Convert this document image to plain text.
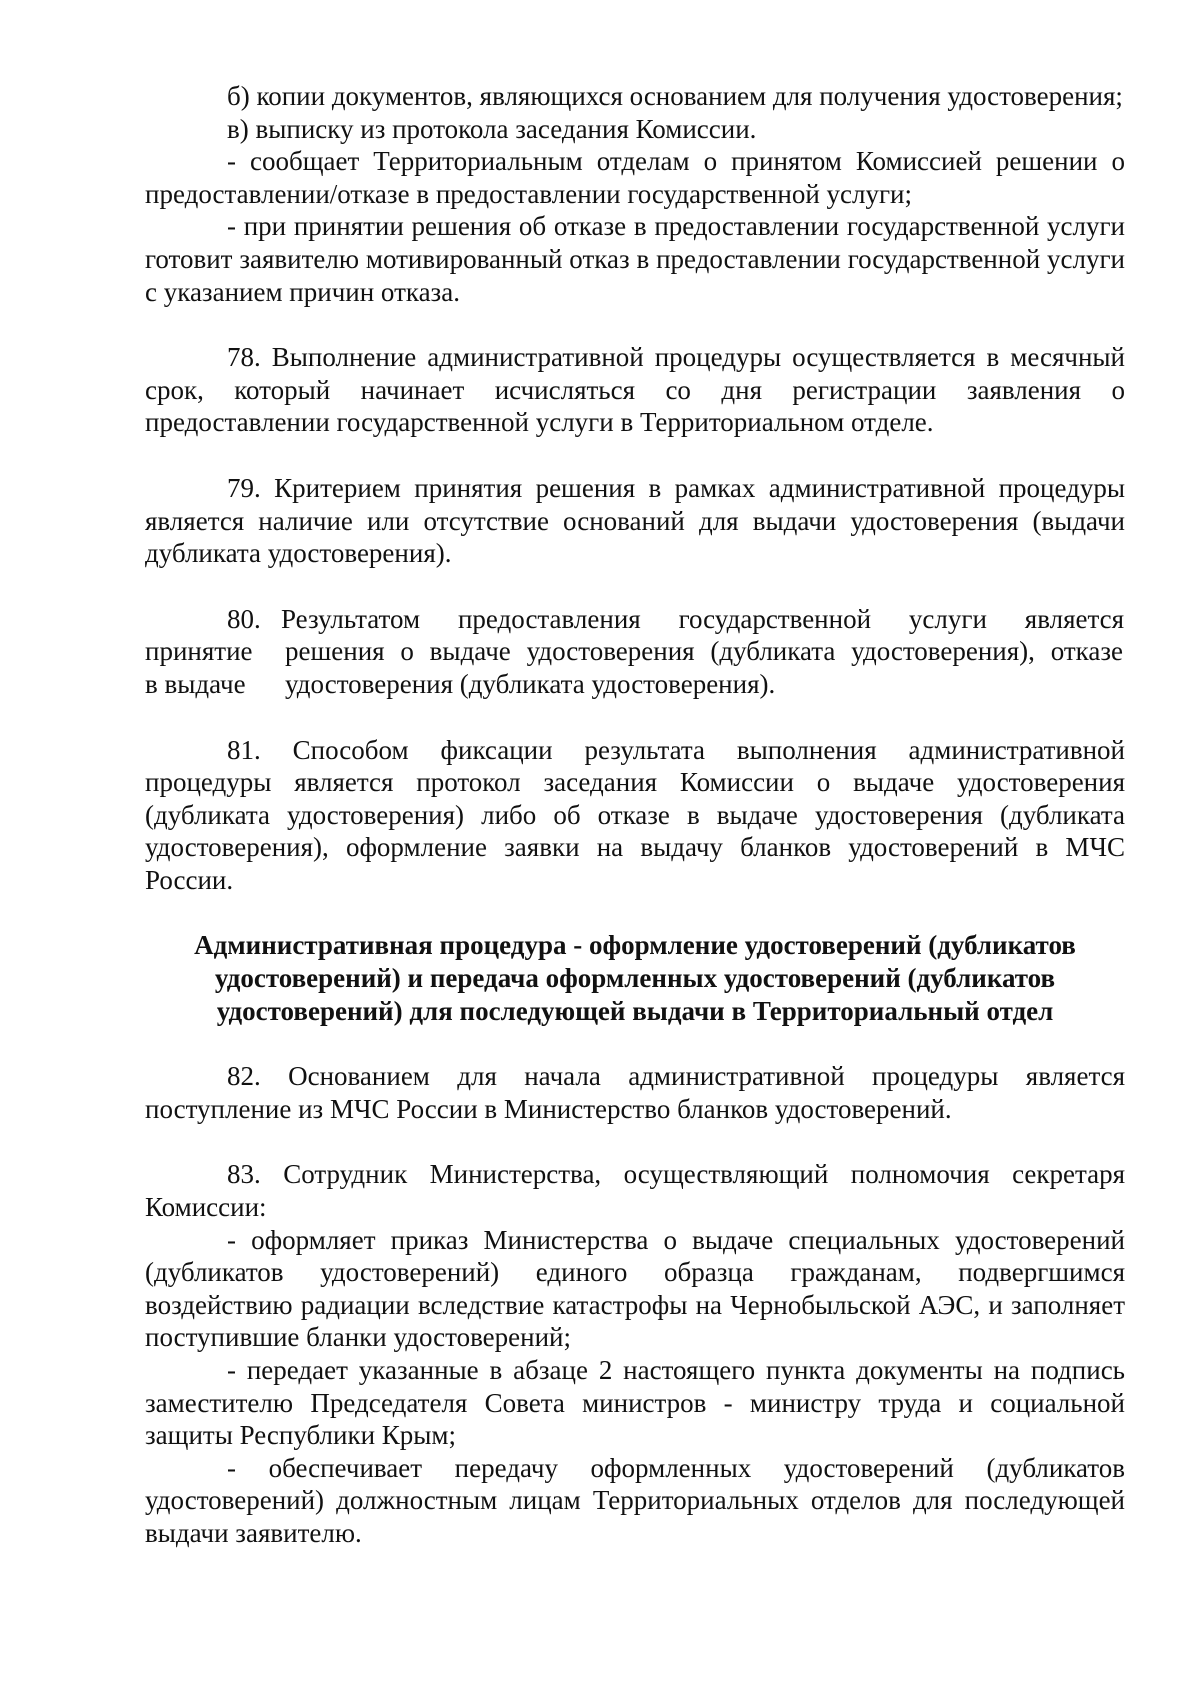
б) копии документов, являющихся основанием для получения удостоверения;

в) выписку из протокола заседания Комиссии.

- сообщает Территориальным отделам о принятом Комиссией решении о предоставлении/отказе в предоставлении государственной услуги;

- при принятии решения об отказе в предоставлении государственной услуги готовит заявителю мотивированный отказ в предоставлении государственной услуги с указанием причин отказа.

78. Выполнение административной процедуры осуществляется в месячный срок, который начинает исчисляться со дня регистрации заявления о предоставлении государственной услуги в Территориальном отделе.

79. Критерием принятия решения в рамках административной процедуры является наличие или отсутствие оснований для выдачи удостоверения (выдачи дубликата удостоверения).

80. Результатом предоставления государственной услуги является
принятие решения о выдаче удостоверения (дубликата удостоверения), отказе
в выдаче удостоверения (дубликата удостоверения).

81. Способом фиксации результата выполнения административной процедуры является протокол заседания Комиссии о выдаче удостоверения (дубликата удостоверения) либо об отказе в выдаче удостоверения (дубликата удостоверения), оформление заявки на выдачу бланков удостоверений в МЧС России.

Административная процедура - оформление удостоверений (дубликатов
удостоверений) и передача оформленных удостоверений (дубликатов
удостоверений) для последующей выдачи в Территориальный отдел

82. Основанием для начала административной процедуры является поступление из МЧС России в Министерство бланков удостоверений.

83. Сотрудник Министерства, осуществляющий полномочия секретаря Комиссии:

- оформляет приказ Министерства о выдаче специальных удостоверений (дубликатов удостоверений) единого образца гражданам, подвергшимся воздействию радиации вследствие катастрофы на Чернобыльской АЭС, и заполняет поступившие бланки удостоверений;

- передает указанные в абзаце 2 настоящего пункта документы на подпись заместителю Председателя Совета министров - министру труда и социальной защиты Республики Крым;

- обеспечивает передачу оформленных удостоверений (дубликатов удостоверений) должностным лицам Территориальных отделов для последующей выдачи заявителю.
